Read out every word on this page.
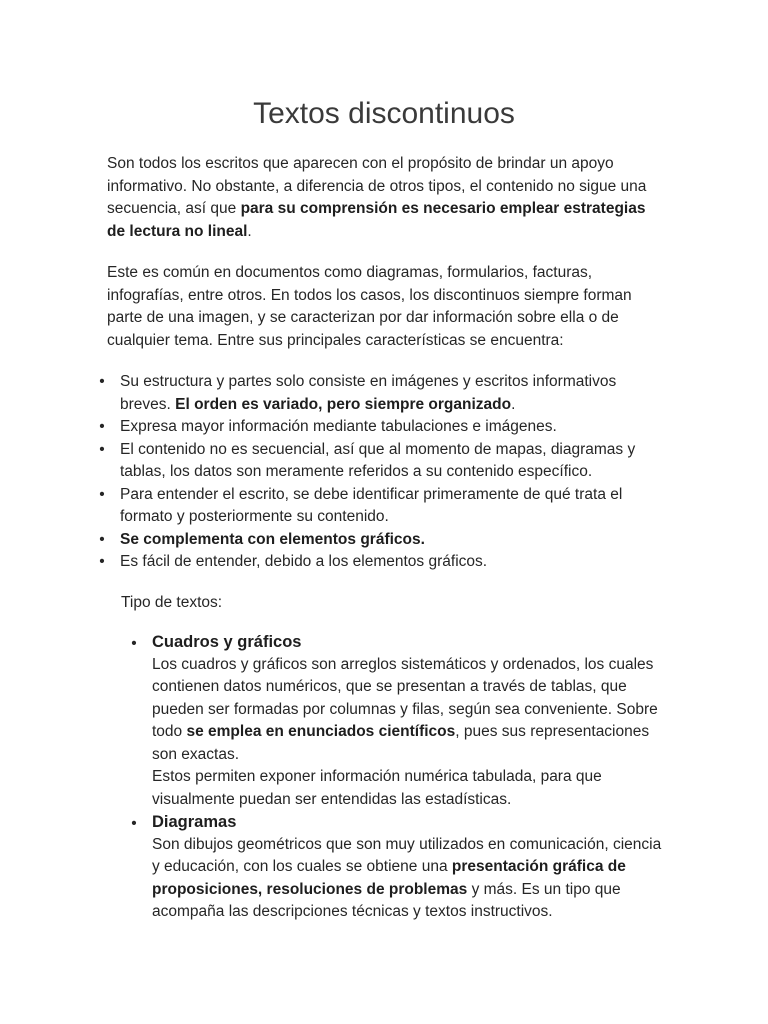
Textos discontinuos

Son todos los escritos que aparecen con el propósito de brindar un apoyo informativo. No obstante, a diferencia de otros tipos, el contenido no sigue una secuencia, así que para su comprensión es necesario emplear estrategias de lectura no lineal.

Este es común en documentos como diagramas, formularios, facturas, infografías, entre otros. En todos los casos, los discontinuos siempre forman parte de una imagen, y se caracterizan por dar información sobre ella o de cualquier tema. Entre sus principales características se encuentra:

• Su estructura y partes solo consiste en imágenes y escritos informativos breves. El orden es variado, pero siempre organizado.
• Expresa mayor información mediante tabulaciones e imágenes.
• El contenido no es secuencial, así que al momento de mapas, diagramas y tablas, los datos son meramente referidos a su contenido específico.
• Para entender el escrito, se debe identificar primeramente de qué trata el formato y posteriormente su contenido.
• Se complementa con elementos gráficos.
• Es fácil de entender, debido a los elementos gráficos.

Tipo de textos:

• Cuadros y gráficos
Los cuadros y gráficos son arreglos sistemáticos y ordenados, los cuales contienen datos numéricos, que se presentan a través de tablas, que pueden ser formadas por columnas y filas, según sea conveniente. Sobre todo se emplea en enunciados científicos, pues sus representaciones son exactas.
Estos permiten exponer información numérica tabulada, para que visualmente puedan ser entendidas las estadísticas.
• Diagramas
Son dibujos geométricos que son muy utilizados en comunicación, ciencia y educación, con los cuales se obtiene una presentación gráfica de proposiciones, resoluciones de problemas y más. Es un tipo que acompaña las descripciones técnicas y textos instructivos.
